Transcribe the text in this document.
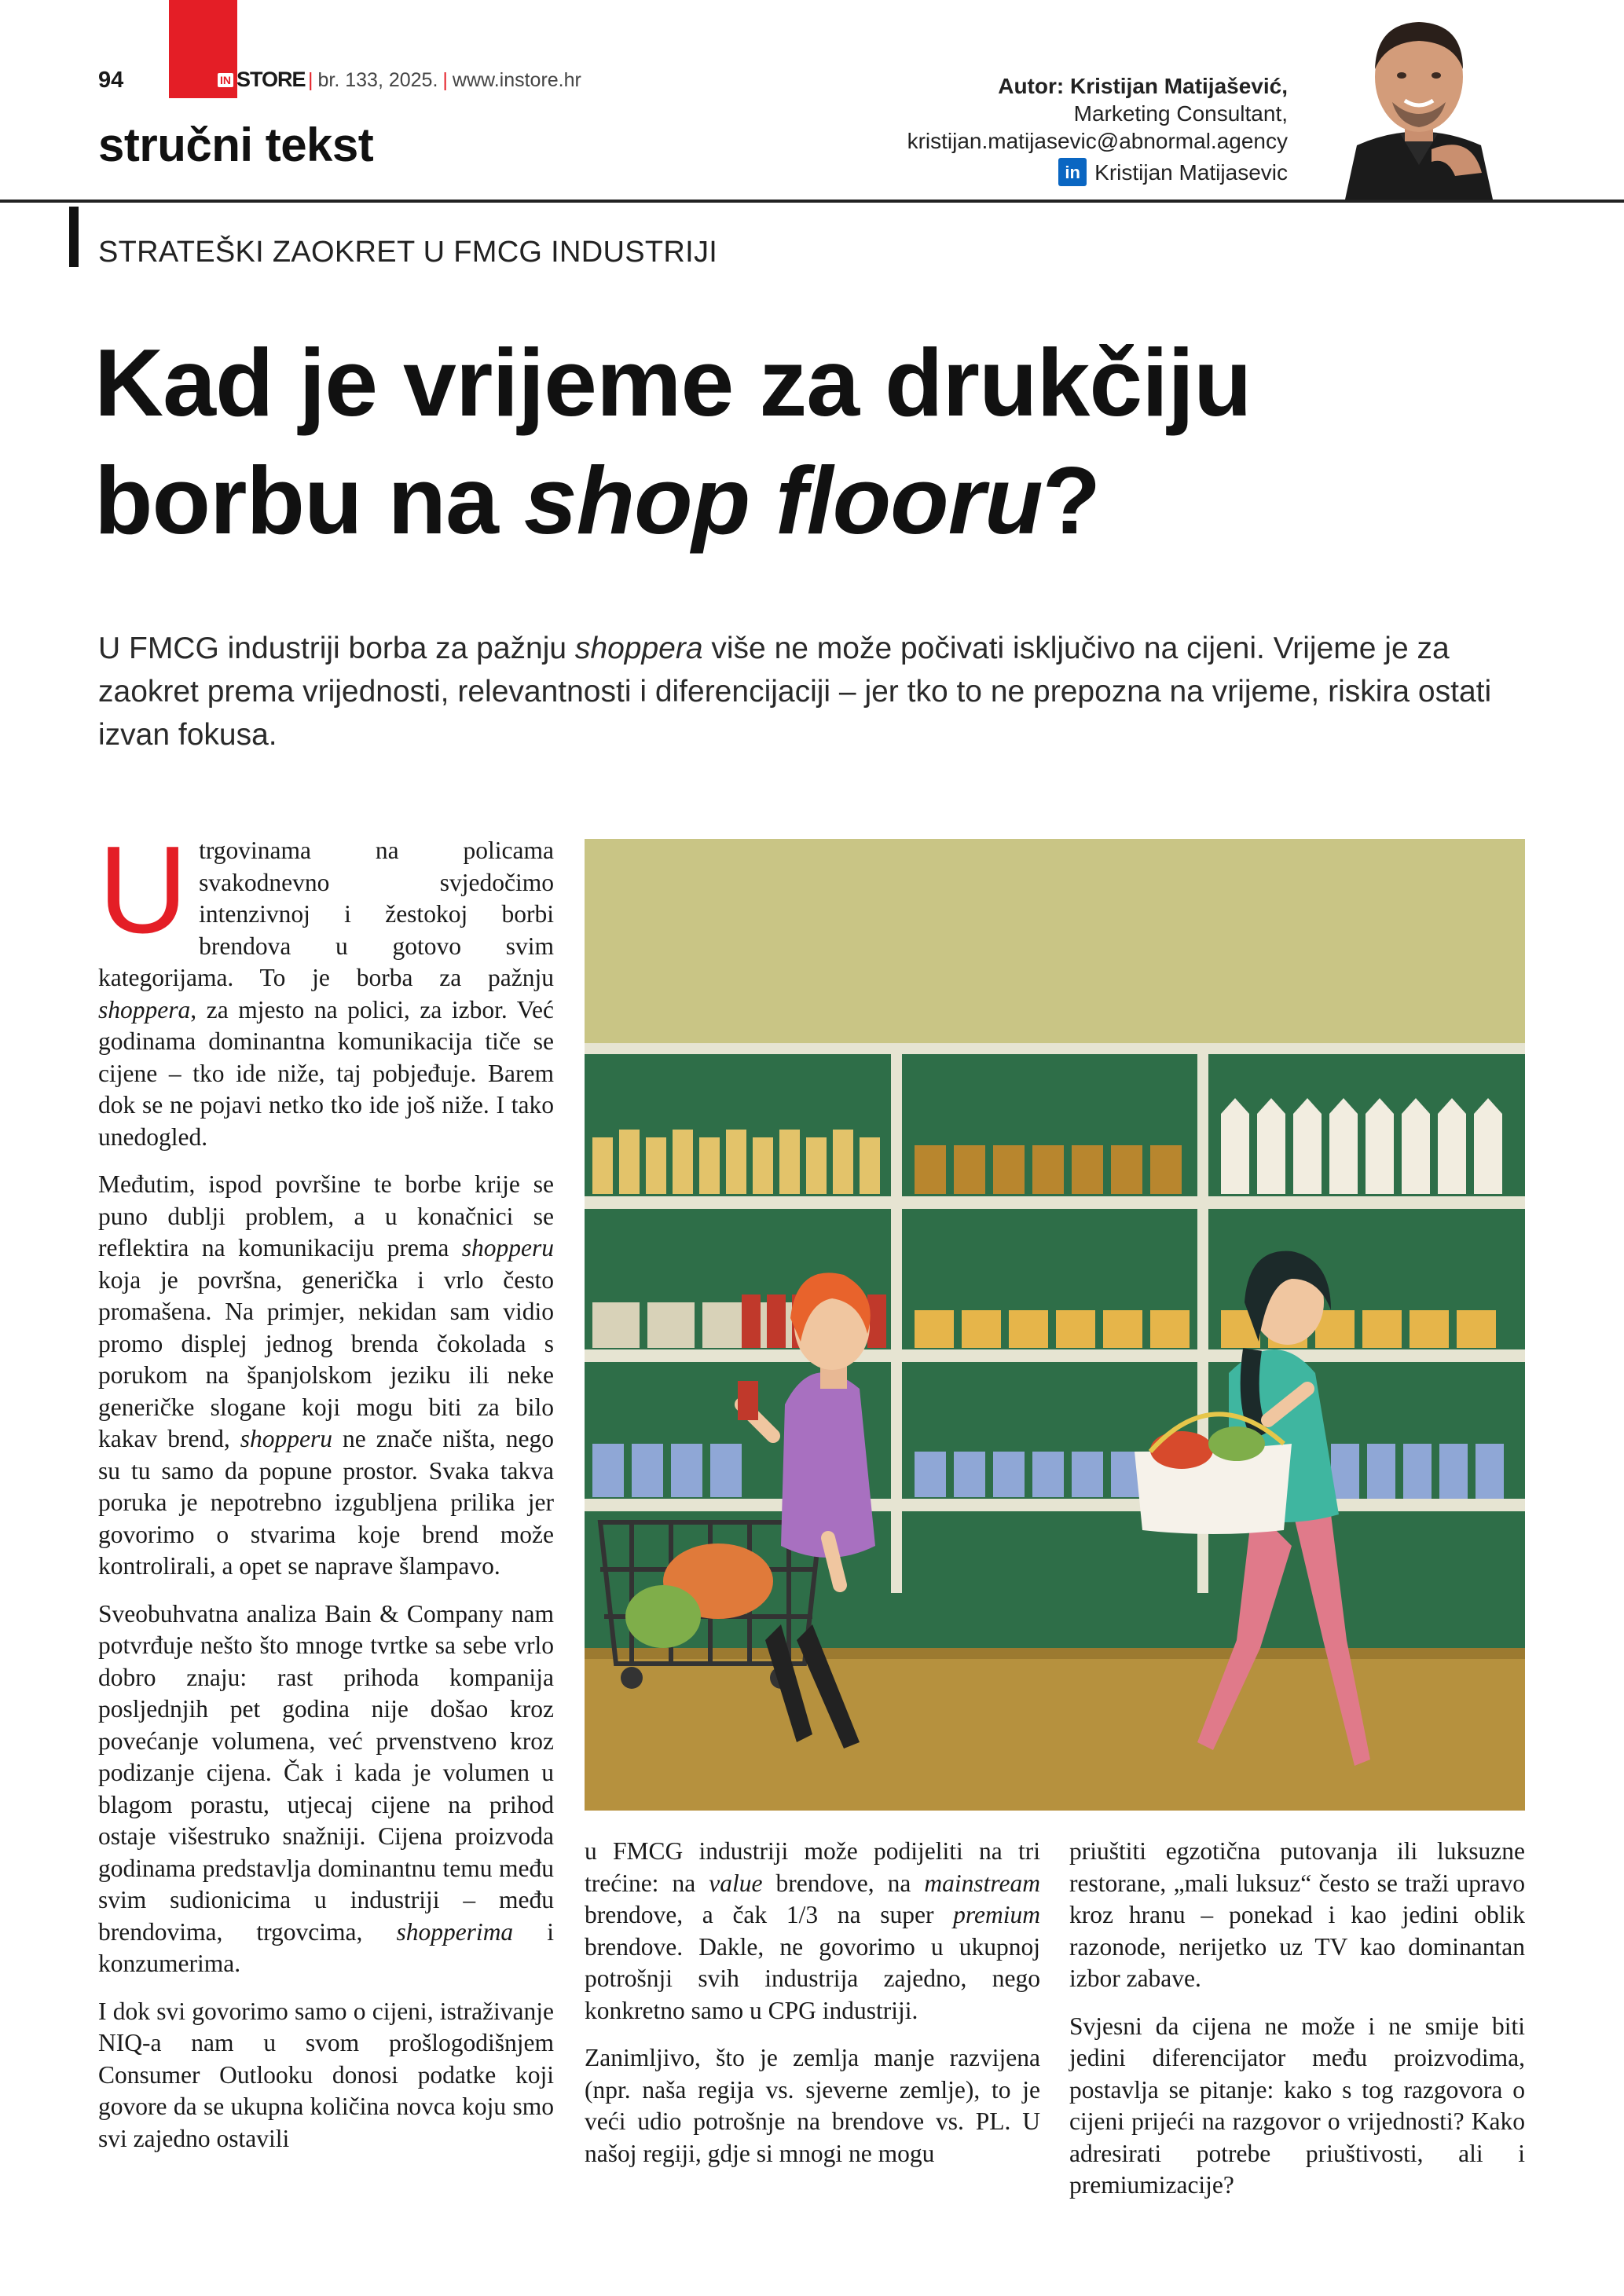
94	IN STORE | br. 133, 2025. | www.instore.hr
stručni tekst
Autor: Kristijan Matijašević,
Marketing Consultant,
kristijan.matijasevic@abnormal.agency
in Kristijan Matijasevic
STRATEŠKI ZAOKRET U FMCG INDUSTRIJI
Kad je vrijeme za drukčiju
borbu na shop flooru?
U FMCG industriji borba za pažnju shoppera više ne može počivati isključivo na cijeni. Vrijeme je za zaokret prema vrijednosti, relevantnosti i diferencijaciji – jer tko to ne prepozna na vrijeme, riskira ostati izvan fokusa.

U trgovinama na policama svakodnevno svjedočimo intenzivnoj i žestokoj borbi brendova u gotovo svim kategorijama. To je borba za pažnju shoppera, za mjesto na polici, za izbor. Već godinama dominantna komunikacija tiče se cijene – tko ide niže, taj pobjeđuje. Barem dok se ne pojavi netko tko ide još niže. I tako unedogled.

Međutim, ispod površine te borbe krije se puno dublji problem, a u konačnici se reflektira na komunikaciju prema shopperu koja je površna, generička i vrlo često promašena. Na primjer, nekidan sam vidio promo displej jednog brenda čokolada s porukom na španjolskom jeziku ili neke generičke slogane koji mogu biti za bilo kakav brend, shopperu ne znače ništa, nego su tu samo da popune prostor. Svaka takva poruka je nepotrebno izgubljena prilika jer govorimo o stvarima koje brend može kontrolirali, a opet se naprave šlampavo.

Sveobuhvatna analiza Bain & Company nam potvrđuje nešto što mnoge tvrtke sa sebe vrlo dobro znaju: rast prihoda kompanija posljednjih pet godina nije došao kroz povećanje volumena, već prvenstveno kroz podizanje cijena. Čak i kada je volumen u blagom porastu, utjecaj cijene na prihod ostaje višestruko snažniji. Cijena proizvoda godinama predstavlja dominantnu temu među svim sudionicima u industriji – među brendovima, trgovcima, shopperima i konzumerima.

I dok svi govorimo samo o cijeni, istraživanje NIQ-a nam u svom prošlogodišnjem Consumer Outlooku donosi podatke koji govore da se ukupna količina novca koju smo svi zajedno ostavili

u FMCG industriji može podijeliti na tri trećine: na value brendove, na mainstream brendove, a čak 1/3 na super premium brendove. Dakle, ne govorimo u ukupnoj potrošnji svih industrija zajedno, nego konkretno samo u CPG industriji.

Zanimljivo, što je zemlja manje razvijena (npr. naša regija vs. sjeverne zemlje), to je veći udio potrošnje na brendove vs. PL. U našoj regiji, gdje si mnogi ne mogu

priuštiti egzotična putovanja ili luksuzne restorane, „mali luksuz“ često se traži upravo kroz hranu – ponekad i kao jedini oblik razonode, nerijetko uz TV kao dominantan izbor zabave.

Svjesni da cijena ne može i ne smije biti jedini diferencijator među proizvodima, postavlja se pitanje: kako s tog razgovora o cijeni prijeći na razgovor o vrijednosti? Kako adresirati potrebe priuštivosti, ali i premiumizacije?
